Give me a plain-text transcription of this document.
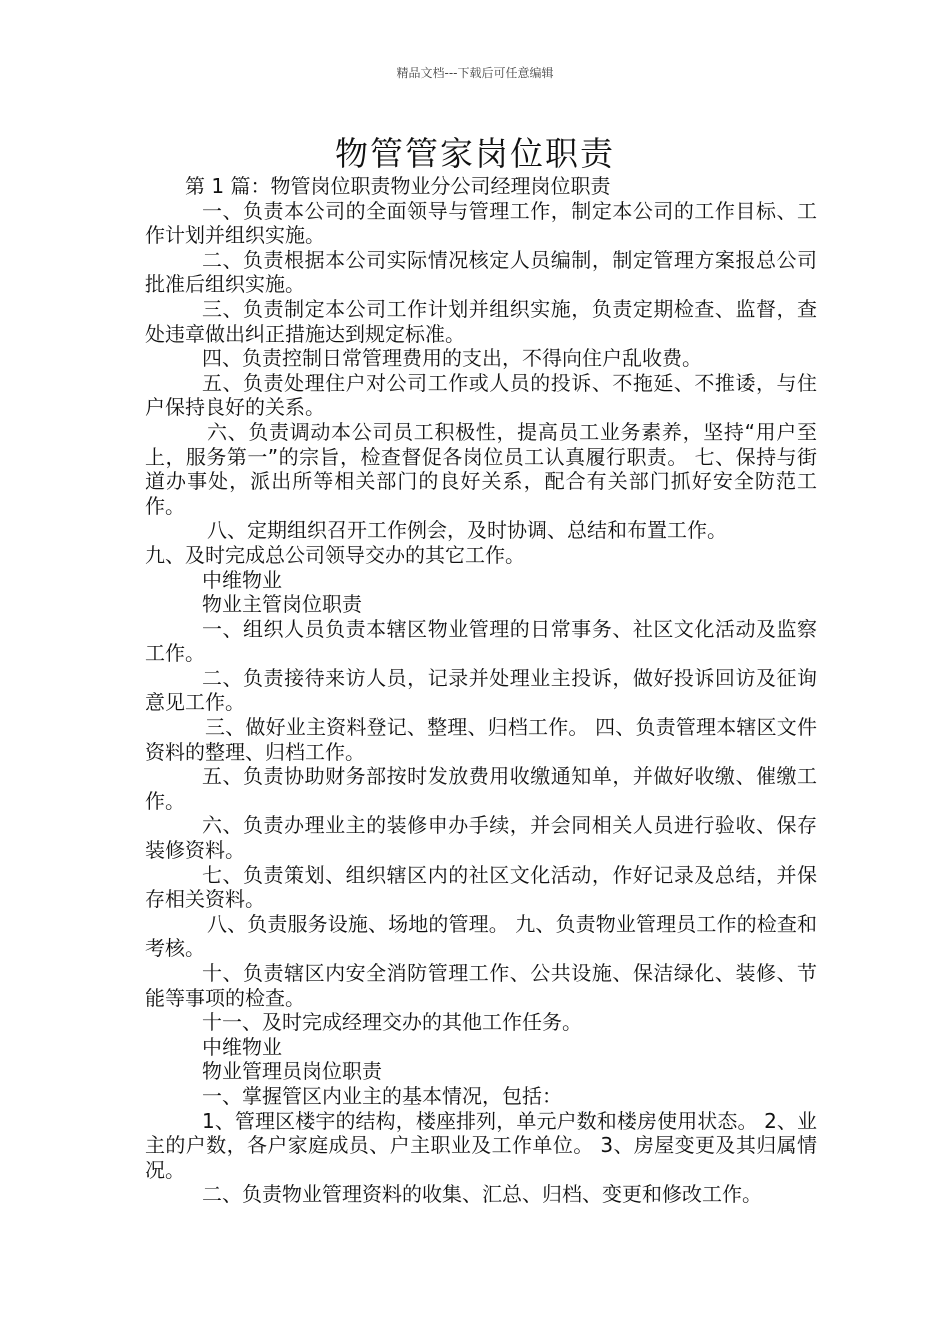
精品文档---下载后可任意编辑
物管管家岗位职责

第 1 篇：物管岗位职责物业分公司经理岗位职责

一、负责本公司的全面领导与管理工作，制定本公司的工作目标、工作计划并组织实施。

二、负责根据本公司实际情况核定人员编制，制定管理方案报总公司批准后组织实施。

三、负责制定本公司工作计划并组织实施，负责定期检查、监督，查处违章做出纠正措施达到规定标准。

四、负责控制日常管理费用的支出，不得向住户乱收费。

五、负责处理住户对公司工作或人员的投诉、不拖延、不推诿，与住户保持良好的关系。

六、负责调动本公司员工积极性，提高员工业务素养，坚持“用户至上，服务第一”的宗旨，检查督促各岗位员工认真履行职责。 七、保持与街道办事处，派出所等相关部门的良好关系，配合有关部门抓好安全防范工作。

八、定期组织召开工作例会，及时协调、总结和布置工作。

九、及时完成总公司领导交办的其它工作。

中维物业

物业主管岗位职责

一、组织人员负责本辖区物业管理的日常事务、社区文化活动及监察工作。

二、负责接待来访人员，记录并处理业主投诉，做好投诉回访及征询意见工作。

三、做好业主资料登记、整理、归档工作。 四、负责管理本辖区文件资料的整理、归档工作。

五、负责协助财务部按时发放费用收缴通知单，并做好收缴、催缴工作。

六、负责办理业主的装修申办手续，并会同相关人员进行验收、保存装修资料。

七、负责策划、组织辖区内的社区文化活动，作好记录及总结，并保存相关资料。

八、负责服务设施、场地的管理。 九、负责物业管理员工作的检查和考核。

十、负责辖区内安全消防管理工作、公共设施、保洁绿化、装修、节能等事项的检查。

十一、及时完成经理交办的其他工作任务。

中维物业

物业管理员岗位职责

一、掌握管区内业主的基本情况，包括：

1、管理区楼宇的结构，楼座排列，单元户数和楼房使用状态。 2、业主的户数，各户家庭成员、户主职业及工作单位。 3、房屋变更及其归属情况。

二、负责物业管理资料的收集、汇总、归档、变更和修改工作。
